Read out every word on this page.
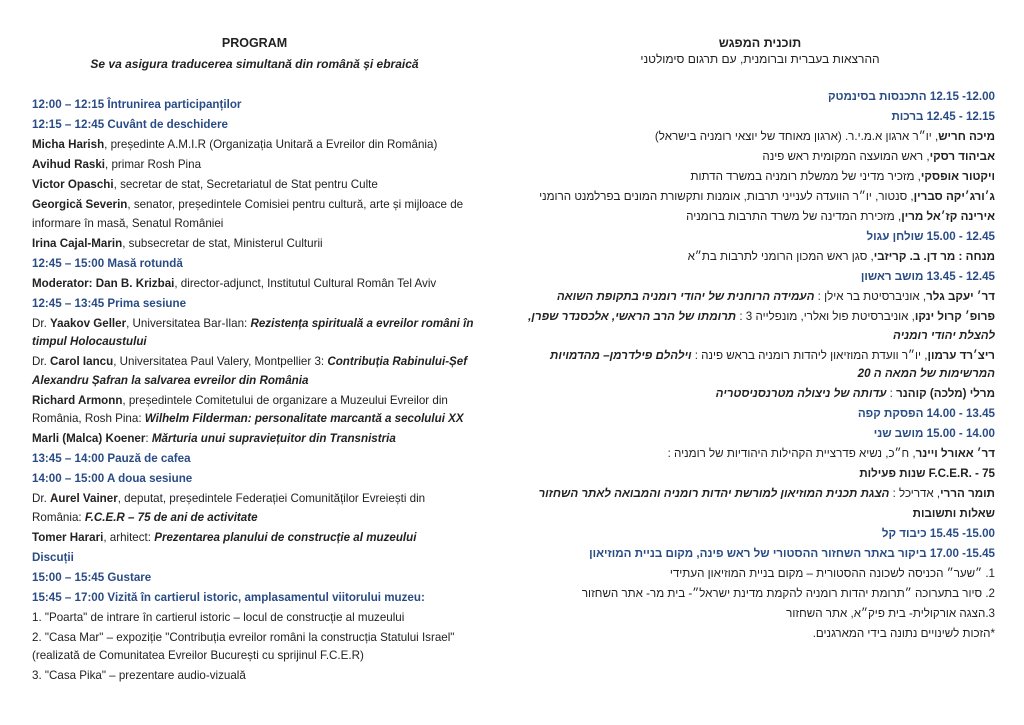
PROGRAM
Se va asigura traducerea simultană din română și ebraică

12:00 – 12:15 Întrunirea participanților

12:15 – 12:45 Cuvânt de deschidere

Micha Harish, președinte A.M.I.R (Organizația Unitară a Evreilor din România)

Avihud Raski, primar Rosh Pina

Victor Opaschi, secretar de stat, Secretariatul de Stat pentru Culte

Georgică Severin, senator, președintele Comisiei pentru cultură, arte și mijloace de informare în masă, Senatul României

Irina Cajal-Marin, subsecretar de stat, Ministerul Culturii

12:45 – 15:00 Masă rotundă

Moderator: Dan B. Krizbai, director-adjunct, Institutul Cultural Român Tel Aviv

12:45 – 13:45 Prima sesiune

Dr. Yaakov Geller, Universitatea Bar-Ilan: Rezistența spirituală a evreilor români în timpul Holocaustului

Dr. Carol Iancu, Universitatea Paul Valery, Montpellier 3: Contribuția Rabinului-Șef Alexandru Șafran la salvarea evreilor din România

Richard Armonn, președintele Comitetului de organizare a Muzeului Evreilor din România, Rosh Pina: Wilhelm Filderman: personalitate marcantă a secolului XX

Marli (Malca) Koener: Mărturia unui supraviețuitor din Transnistria

13:45 – 14:00 Pauză de cafea

14:00 – 15:00 A doua sesiune

Dr. Aurel Vainer, deputat, președintele Federației Comunităților Evreiești din România: F.C.E.R – 75 de ani de activitate

Tomer Harari, arhitect: Prezentarea planului de construcție al muzeului

Discuții

15:00 – 15:45 Gustare

15:45 – 17:00 Vizită în cartierul istoric, amplasamentul viitorului muzeu:

1. "Poarta" de intrare în cartierul istoric – locul de construcție al muzeului

2. "Casa Mar" – expoziție "Contribuția evreilor români la construcția Statului Israel" (realizată de Comunitatea Evreilor București cu sprijinul F.C.E.R)

3. "Casa Pika" – prezentare audio-vizuală

תוכנית המפגש
ההרצאות בעברית וברומנית, עם תרגום סימולטני

12.00- 12.15 התכנסות בסינמטק

12.15 - 12.45 ברכות

מיכה חריש, יו״ר ארגון א.מ.י.ר. (ארגון מאוחד של יוצאי רומניה בישראל)

אביהוד רסקי, ראש המועצה המקומית ראש פינה

ויקטור אופסקי, מזכיר מדיני של ממשלת רומניה במשרד הדתות

ג׳ורג׳יקה סברין, סנטור, יו״ר הוועדה לענייני תרבות, אומנות ותקשורת המונים בפרלמנט הרומני

אירינה קז׳אל מרין, מזכירת המדינה של משרד התרבות ברומניה

12.45 - 15.00 שולחן עגול

מנחה : מר דן. ב. קריזבי, סגן ראש המכון הרומני לתרבות בת״א

12.45 - 13.45 מושב ראשון

דר׳ יעקב גלר, אוניברסיטת בר אילן : העמידה הרוחנית של יהודי רומניה בתקופת השואה

פרופ׳ קרול ינקו, אוניברסיטת פול ואלרי, מונפלייה 3 : תרומתו של הרב הראשי, אלכסנדר שפרן, להצלת יהודי רומניה

ריצ׳רד ערמון, יו״ר וועדת המוזיאון ליהדות רומניה בראש פינה : וילהלם פילדרמן– מהדמויות המרשימות של המאה ה 20

מרלי (מלכה) קוהנר : עדותה של ניצולה מטרנסניסטריה

13.45 - 14.00 הפסקת קפה

14.00 - 15.00 מושב שני

דר׳ אאורל ויינר, ח״כ, נשיא פדרציית הקהילות היהודיות של רומניה :

F.C.E.R. - 75 שנות פעילות

תומר הררי, אדריכל : הצגת תכנית המוזיאון למורשת יהדות רומניה והמבואה לאתר השחזור

שאלות ותשובות

15.00- 15.45 כיבוד קל

15.45- 17.00 ביקור באתר השחזור ההסטורי של ראש פינה, מקום בניית המוזיאון

1. ״שער״ הכניסה לשכונה ההסטורית – מקום בניית המוזיאון העתידי

2. סיור בתערוכה ״תרומת יהדות רומניה להקמת מדינת ישראל״- בית מר- אתר השחזור

3.הצגה אורקולית- בית פיק״א, אתר השחזור

*הזכות לשינויים נתונה בידי המארגנים.
